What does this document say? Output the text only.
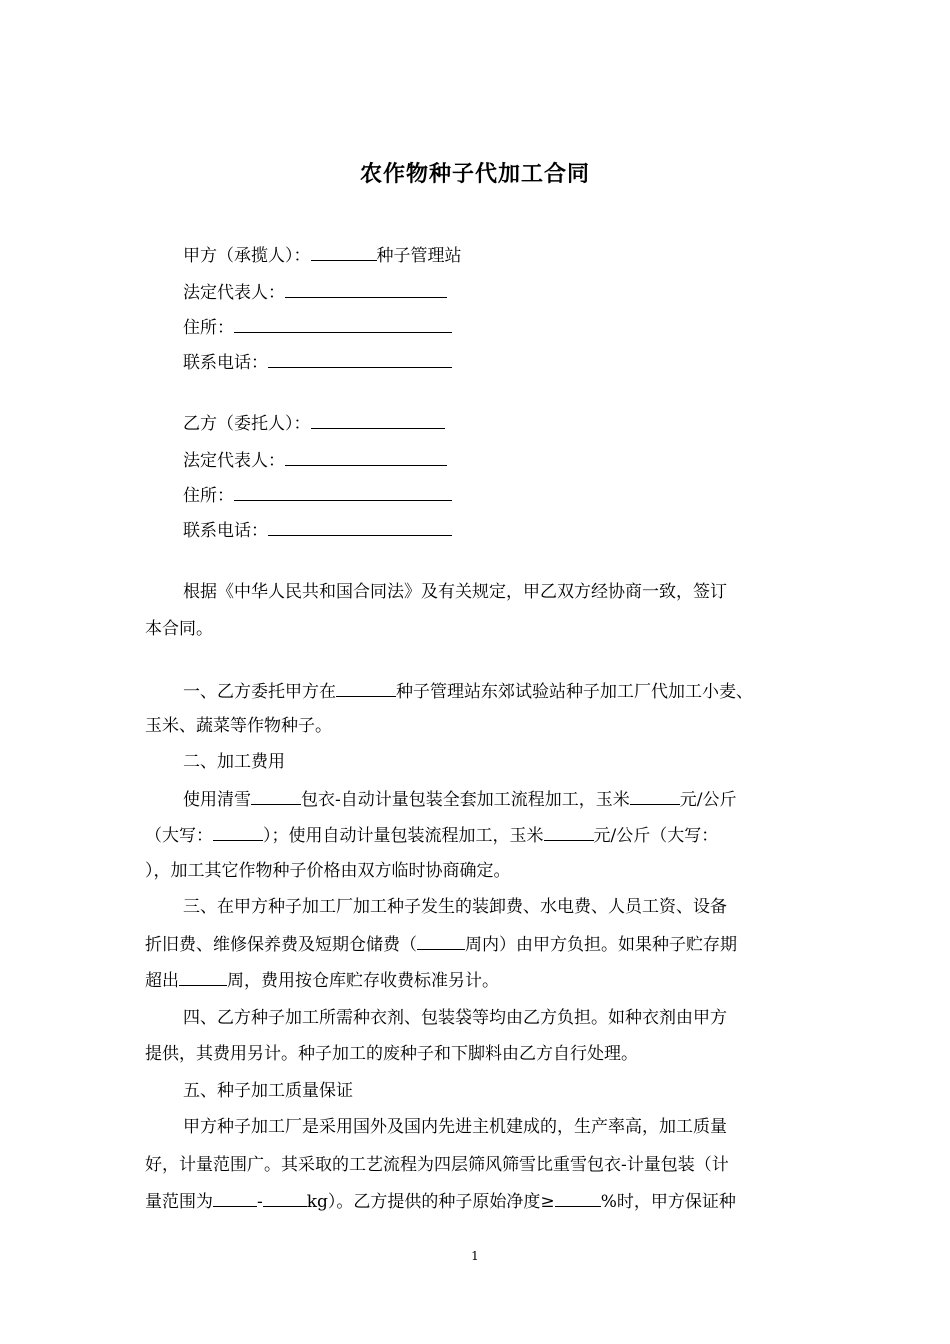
农作物种子代加工合同
甲方（承揽人）：	种子管理站
法定代表人：
住所：
联系电话：
乙方（委托人）：
法定代表人：
住所：
联系电话：
根据《中华人民共和国合同法》及有关规定，甲乙双方经协商一致，签订
本合同。
一、乙方委托甲方在	种子管理站东郊试验站种子加工厂代加工小麦、
玉米、蔬菜等作物种子。
二、加工费用
使用清雪	包衣-自动计量包装全套加工流程加工，玉米	元/公斤
（大写：	）；使用自动计量包装流程加工，玉米	元/公斤（大写：
），加工其它作物种子价格由双方临时协商确定。
三、在甲方种子加工厂加工种子发生的装卸费、水电费、人员工资、设备
折旧费、维修保养费及短期仓储费（	周内）由甲方负担。如果种子贮存期
超出	周，费用按仓库贮存收费标准另计。
四、乙方种子加工所需种衣剂、包装袋等均由乙方负担。如种衣剂由甲方
提供，其费用另计。种子加工的废种子和下脚料由乙方自行处理。
五、种子加工质量保证
甲方种子加工厂是采用国外及国内先进主机建成的，生产率高，加工质量
好，计量范围广。其采取的工艺流程为四层筛风筛雪比重雪包衣-计量包装（计
量范围为	-	kg）。乙方提供的种子原始净度≥	%时，甲方保证种
1
